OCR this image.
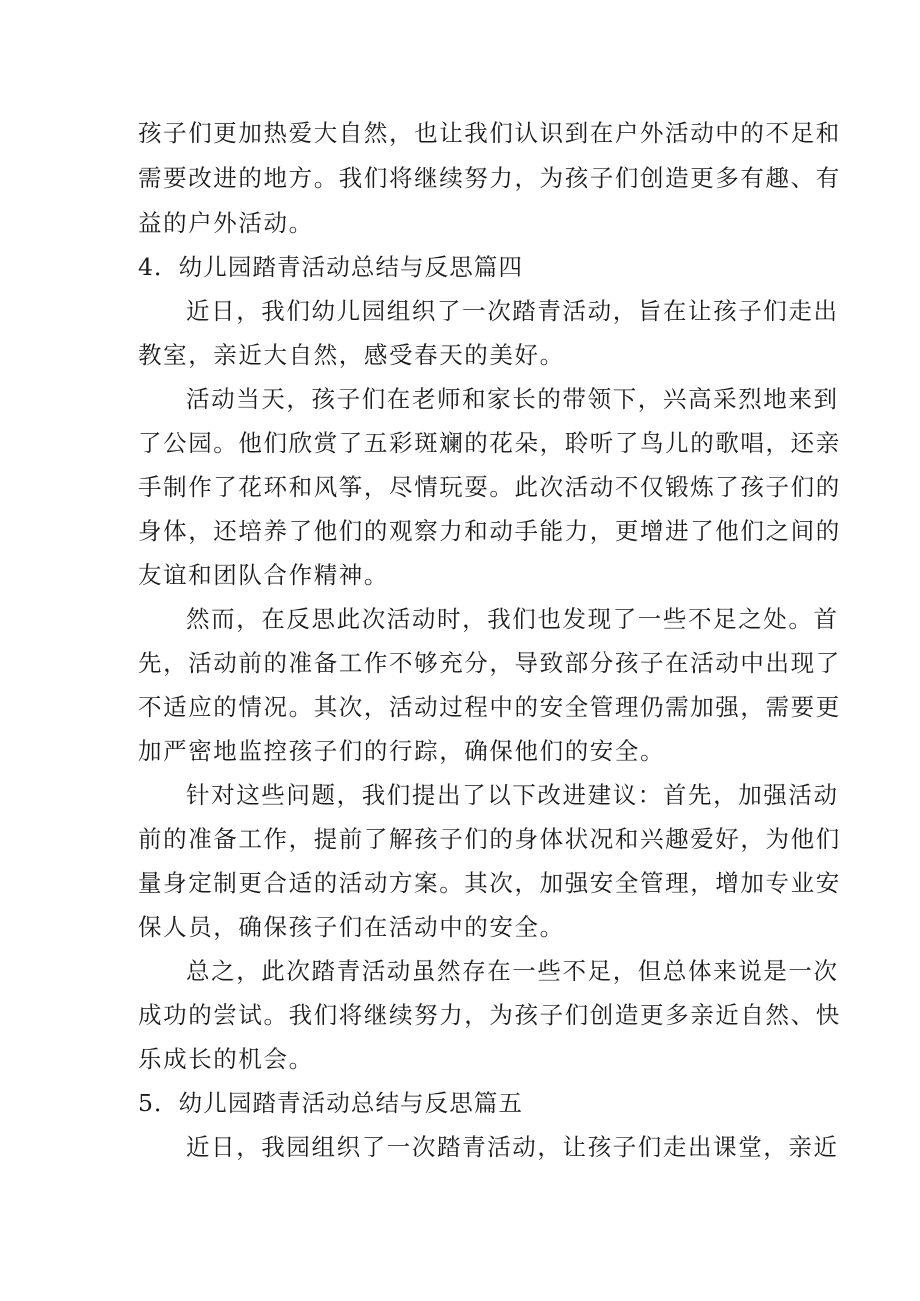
孩子们更加热爱大自然，也让我们认识到在户外活动中的不足和

需要改进的地方。我们将继续努力，为孩子们创造更多有趣、有

益的户外活动。

4．幼儿园踏青活动总结与反思篇四

近日，我们幼儿园组织了一次踏青活动，旨在让孩子们走出

教室，亲近大自然，感受春天的美好。

活动当天，孩子们在老师和家长的带领下，兴高采烈地来到

了公园。他们欣赏了五彩斑斓的花朵，聆听了鸟儿的歌唱，还亲

手制作了花环和风筝，尽情玩耍。此次活动不仅锻炼了孩子们的

身体，还培养了他们的观察力和动手能力，更增进了他们之间的

友谊和团队合作精神。

然而，在反思此次活动时，我们也发现了一些不足之处。首

先，活动前的准备工作不够充分，导致部分孩子在活动中出现了

不适应的情况。其次，活动过程中的安全管理仍需加强，需要更

加严密地监控孩子们的行踪，确保他们的安全。

针对这些问题，我们提出了以下改进建议：首先，加强活动

前的准备工作，提前了解孩子们的身体状况和兴趣爱好，为他们

量身定制更合适的活动方案。其次，加强安全管理，增加专业安

保人员，确保孩子们在活动中的安全。

总之，此次踏青活动虽然存在一些不足，但总体来说是一次

成功的尝试。我们将继续努力，为孩子们创造更多亲近自然、快

乐成长的机会。

5．幼儿园踏青活动总结与反思篇五

近日，我园组织了一次踏青活动，让孩子们走出课堂，亲近
